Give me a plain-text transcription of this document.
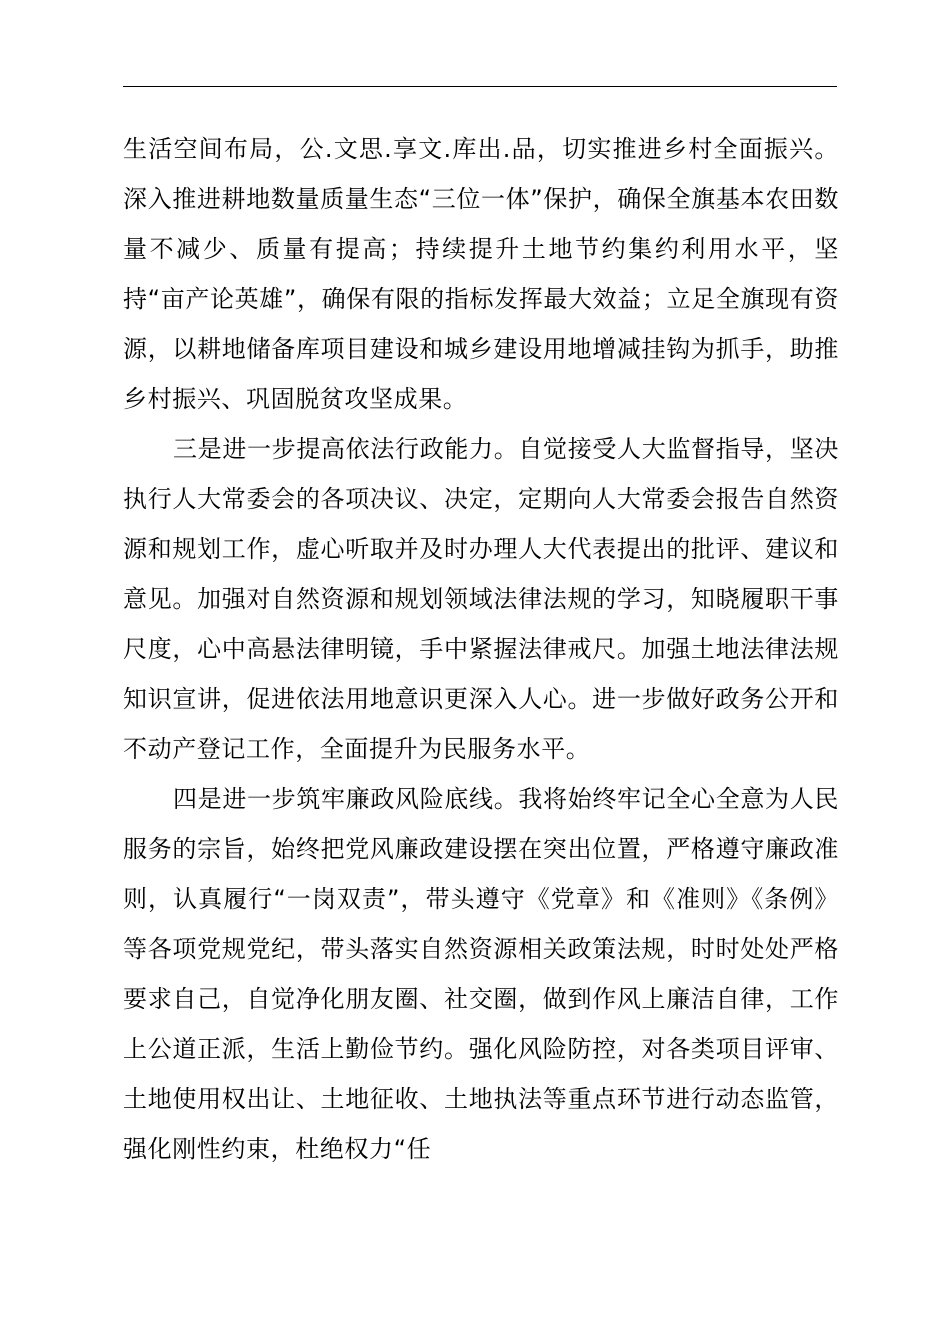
生活空间布局，公.文思.享文.库出.品，切实推进乡村全面振兴。深入推进耕地数量质量生态“三位一体”保护，确保全旗基本农田数量不减少、质量有提高；持续提升土地节约集约利用水平，坚持“亩产论英雄”，确保有限的指标发挥最大效益；立足全旗现有资源，以耕地储备库项目建设和城乡建设用地增减挂钩为抓手，助推乡村振兴、巩固脱贫攻坚成果。

三是进一步提高依法行政能力。自觉接受人大监督指导，坚决执行人大常委会的各项决议、决定，定期向人大常委会报告自然资源和规划工作，虚心听取并及时办理人大代表提出的批评、建议和意见。加强对自然资源和规划领域法律法规的学习，知晓履职干事尺度，心中高悬法律明镜，手中紧握法律戒尺。加强土地法律法规知识宣讲，促进依法用地意识更深入人心。进一步做好政务公开和不动产登记工作，全面提升为民服务水平。

四是进一步筑牢廉政风险底线。我将始终牢记全心全意为人民服务的宗旨，始终把党风廉政建设摆在突出位置，严格遵守廉政准则，认真履行“一岗双责”，带头遵守《党章》和《准则》《条例》等各项党规党纪，带头落实自然资源相关政策法规，时时处处严格要求自己，自觉净化朋友圈、社交圈，做到作风上廉洁自律，工作上公道正派，生活上勤俭节约。强化风险防控，对各类项目评审、土地使用权出让、土地征收、土地执法等重点环节进行动态监管，强化刚性约束，杜绝权力“任
